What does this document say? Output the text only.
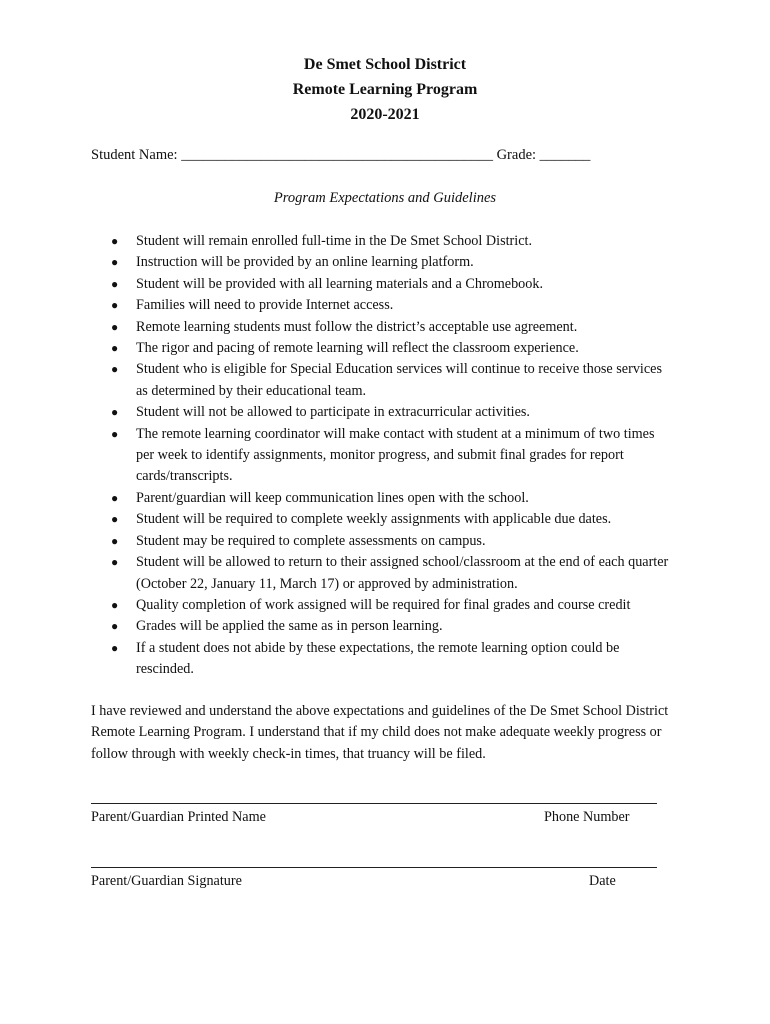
De Smet School District
Remote Learning Program
2020-2021
Student Name: ___________________________________________ Grade: _______
Program Expectations and Guidelines
● Student will remain enrolled full-time in the De Smet School District.
● Instruction will be provided by an online learning platform.
● Student will be provided with all learning materials and a Chromebook.
● Families will need to provide Internet access.
● Remote learning students must follow the district’s acceptable use agreement.
● The rigor and pacing of remote learning will reflect the classroom experience.
● Student who is eligible for Special Education services will continue to receive those services as determined by their educational team.
● Student will not be allowed to participate in extracurricular activities.
● The remote learning coordinator will make contact with student at a minimum of two times per week to identify assignments, monitor progress, and submit final grades for report cards/transcripts.
● Parent/guardian will keep communication lines open with the school.
● Student will be required to complete weekly assignments with applicable due dates.
● Student may be required to complete assessments on campus.
● Student will be allowed to return to their assigned school/classroom at the end of each quarter (October 22, January 11, March 17) or approved by administration.
● Quality completion of work assigned will be required for final grades and course credit
● Grades will be applied the same as in person learning.
● If a student does not abide by these expectations, the remote learning option could be rescinded.
I have reviewed and understand the above expectations and guidelines of the De Smet School District Remote Learning Program. I understand that if my child does not make adequate weekly progress or follow through with weekly check-in times, that truancy will be filed.
Parent/Guardian Printed Name	Phone Number
Parent/Guardian Signature	Date
